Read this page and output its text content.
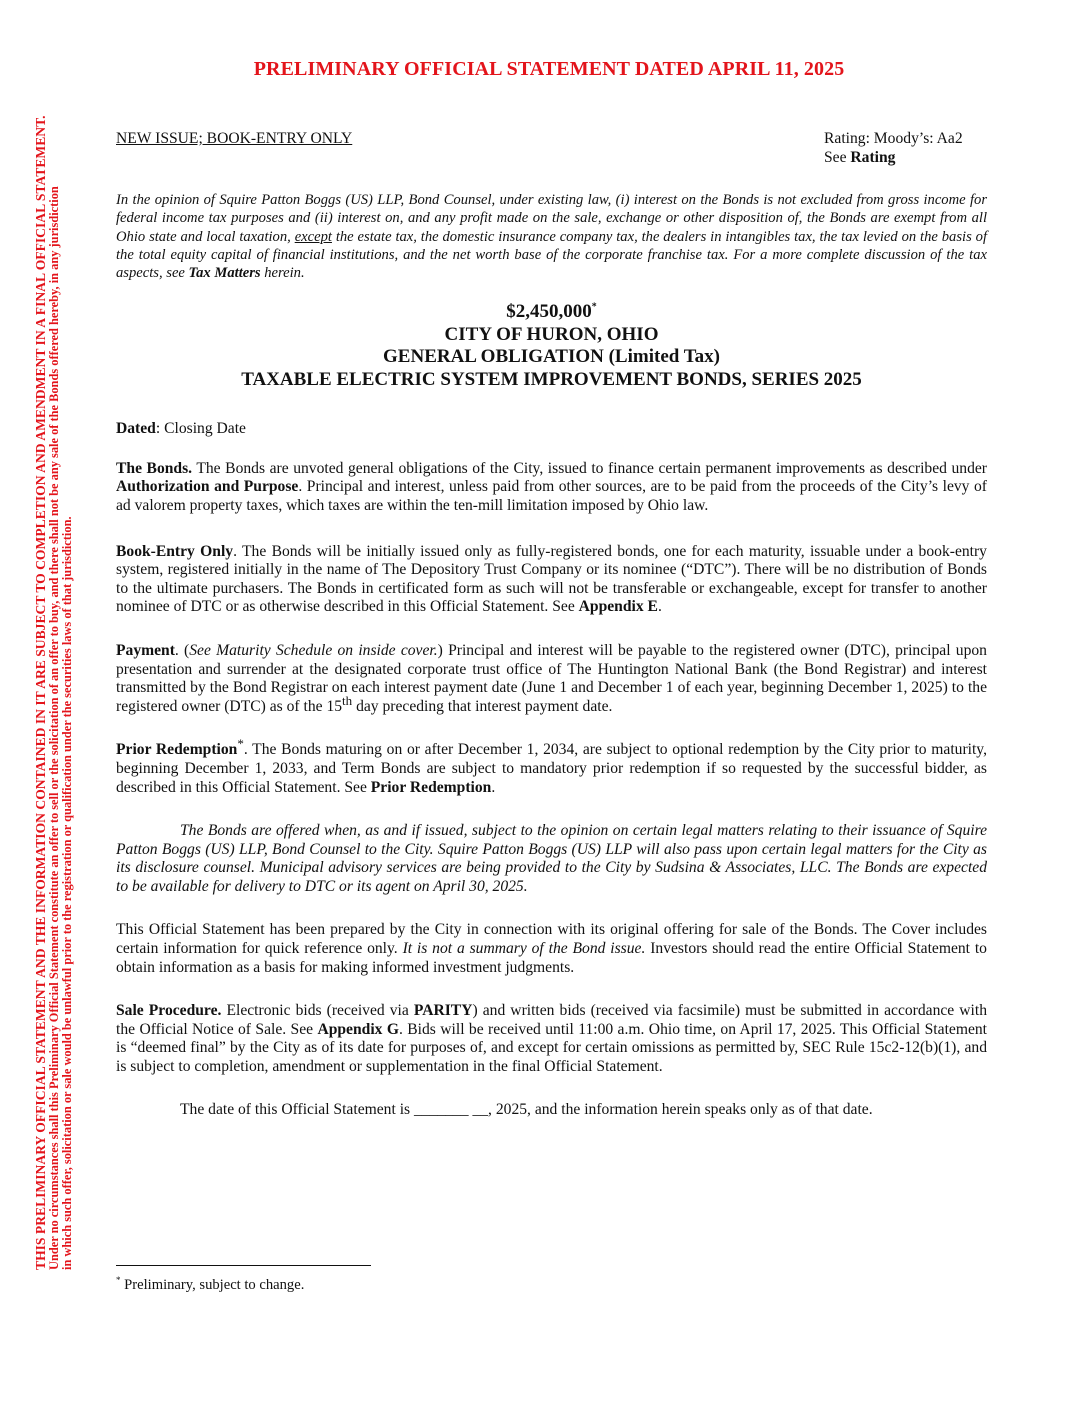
PRELIMINARY OFFICIAL STATEMENT DATED APRIL 11, 2025
THIS PRELIMINARY OFFICIAL STATEMENT AND THE INFORMATION CONTAINED IN IT ARE SUBJECT TO COMPLETION AND AMENDMENT IN A FINAL OFFICIAL STATEMENT.
Under no circumstances shall this Preliminary Official Statement constitute an offer to sell or the solicitation of an offer to buy, and there shall not be any sale of the Bonds offered hereby, in any jurisdiction in which such offer, solicitation or sale would be unlawful prior to the registration or qualification under the securities laws of that jurisdiction.
NEW ISSUE; BOOK-ENTRY ONLY	Rating: Moody’s: Aa2
See Rating

In the opinion of Squire Patton Boggs (US) LLP, Bond Counsel, under existing law, (i) interest on the Bonds is not excluded from gross income for federal income tax purposes and (ii) interest on, and any profit made on the sale, exchange or other disposition of, the Bonds are exempt from all Ohio state and local taxation, except the estate tax, the domestic insurance company tax, the dealers in intangibles tax, the tax levied on the basis of the total equity capital of financial institutions, and the net worth base of the corporate franchise tax. For a more complete discussion of the tax aspects, see Tax Matters herein.

$2,450,000*
CITY OF HURON, OHIO
GENERAL OBLIGATION (Limited Tax)
TAXABLE ELECTRIC SYSTEM IMPROVEMENT BONDS, SERIES 2025

Dated: Closing Date

The Bonds. The Bonds are unvoted general obligations of the City, issued to finance certain permanent improvements as described under Authorization and Purpose. Principal and interest, unless paid from other sources, are to be paid from the proceeds of the City’s levy of ad valorem property taxes, which taxes are within the ten-mill limitation imposed by Ohio law.

Book-Entry Only. The Bonds will be initially issued only as fully-registered bonds, one for each maturity, issuable under a book-entry system, registered initially in the name of The Depository Trust Company or its nominee (“DTC”). There will be no distribution of Bonds to the ultimate purchasers. The Bonds in certificated form as such will not be transferable or exchangeable, except for transfer to another nominee of DTC or as otherwise described in this Official Statement. See Appendix E.

Payment. (See Maturity Schedule on inside cover.) Principal and interest will be payable to the registered owner (DTC), principal upon presentation and surrender at the designated corporate trust office of The Huntington National Bank (the Bond Registrar) and interest transmitted by the Bond Registrar on each interest payment date (June 1 and December 1 of each year, beginning December 1, 2025) to the registered owner (DTC) as of the 15th day preceding that interest payment date.

Prior Redemption*. The Bonds maturing on or after December 1, 2034, are subject to optional redemption by the City prior to maturity, beginning December 1, 2033, and Term Bonds are subject to mandatory prior redemption if so requested by the successful bidder, as described in this Official Statement. See Prior Redemption.

The Bonds are offered when, as and if issued, subject to the opinion on certain legal matters relating to their issuance of Squire Patton Boggs (US) LLP, Bond Counsel to the City. Squire Patton Boggs (US) LLP will also pass upon certain legal matters for the City as its disclosure counsel. Municipal advisory services are being provided to the City by Sudsina & Associates, LLC. The Bonds are expected to be available for delivery to DTC or its agent on April 30, 2025.

This Official Statement has been prepared by the City in connection with its original offering for sale of the Bonds. The Cover includes certain information for quick reference only. It is not a summary of the Bond issue. Investors should read the entire Official Statement to obtain information as a basis for making informed investment judgments.

Sale Procedure. Electronic bids (received via PARITY) and written bids (received via facsimile) must be submitted in accordance with the Official Notice of Sale. See Appendix G. Bids will be received until 11:00 a.m. Ohio time, on April 17, 2025. This Official Statement is “deemed final” by the City as of its date for purposes of, and except for certain omissions as permitted by, SEC Rule 15c2-12(b)(1), and is subject to completion, amendment or supplementation in the final Official Statement.

The date of this Official Statement is _______ __, 2025, and the information herein speaks only as of that date.

* Preliminary, subject to change.
